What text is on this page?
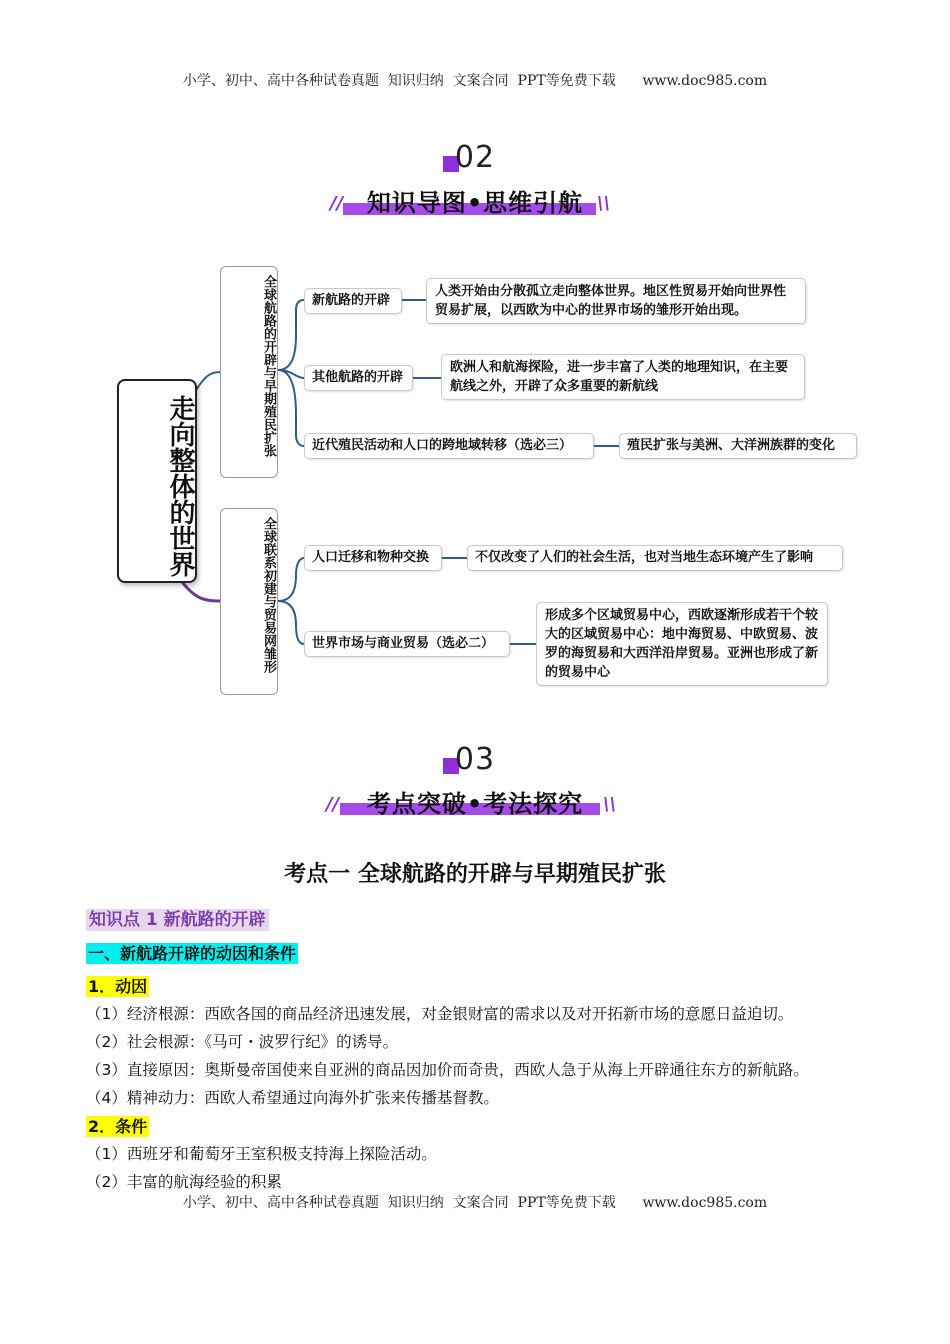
小学、初中、高中各种试卷真题  知识归纳  文案合同  PPT等免费下载      www.doc985.com
02
//	\\
知识导图•思维引航
走向整体的世界
全球航路的开辟与早期殖民扩张	新航路的开辟
人类开始由分散孤立走向整体世界。地区性贸易开始向世界性贸易扩展，以西欧为中心的世界市场的雏形开始出现。
其他航路的开辟
欧洲人和航海探险，进一步丰富了人类的地理知识，在主要航线之外，开辟了众多重要的新航线
近代殖民活动和人口的跨地域转移（选必三）	殖民扩张与美洲、大洋洲族群的变化
全球联系初建与贸易网雏形	人口迁移和物种交换	不仅改变了人们的社会生活，也对当地生态环境产生了影响
世界市场与商业贸易（选必二）
形成多个区域贸易中心，西欧逐渐形成若干个较大的区域贸易中心：地中海贸易、中欧贸易、波罗的海贸易和大西洋沿岸贸易。亚洲也形成了新的贸易中心
03
//	\\
考点突破•考法探究
考点一 全球航路的开辟与早期殖民扩张
知识点 1 新航路的开辟
一、新航路开辟的动因和条件
1．动因
（1）经济根源：西欧各国的商品经济迅速发展，对金银财富的需求以及对开拓新市场的意愿日益迫切。
（2）社会根源：《马可・波罗行纪》的诱导。
（3）直接原因：奥斯曼帝国使来自亚洲的商品因加价而奇贵，西欧人急于从海上开辟通往东方的新航路。
（4）精神动力：西欧人希望通过向海外扩张来传播基督教。
2．条件
（1）西班牙和葡萄牙王室积极支持海上探险活动。
（2）丰富的航海经验的积累
小学、初中、高中各种试卷真题  知识归纳  文案合同  PPT等免费下载      www.doc985.com
